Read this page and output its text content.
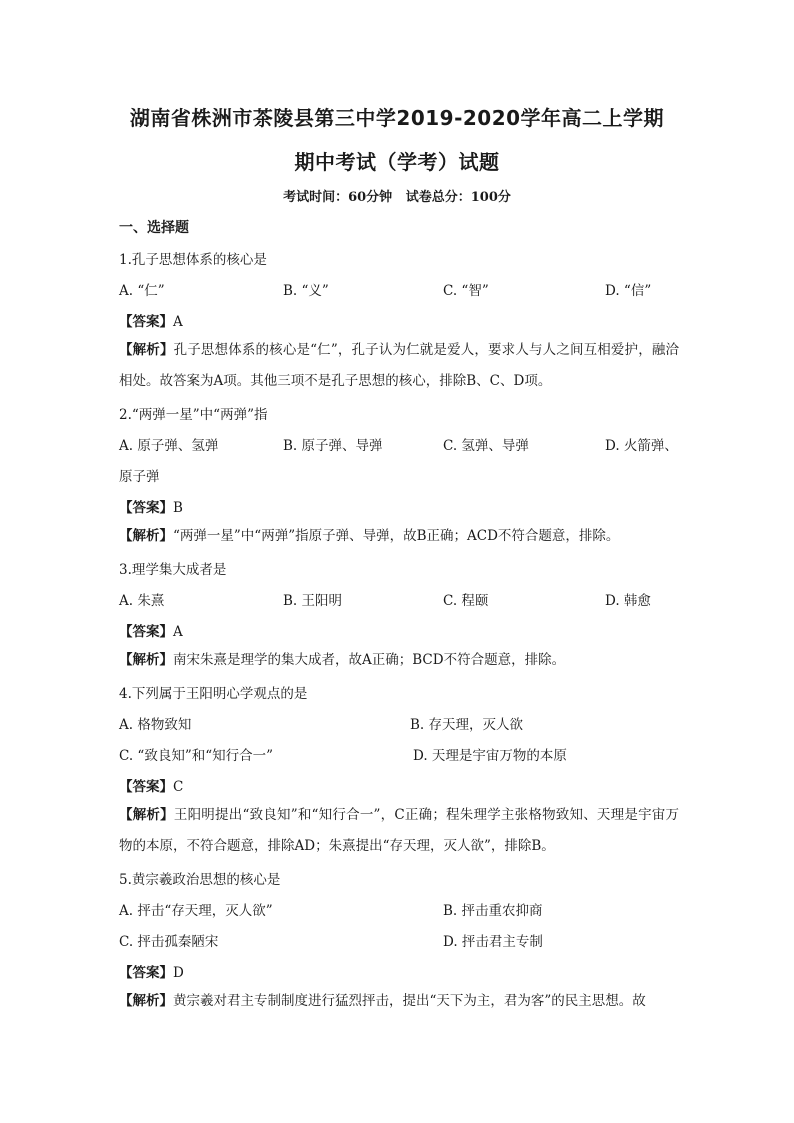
湖南省株洲市茶陵县第三中学2019-2020学年高二上学期
期中考试（学考）试题
考试时间：60分钟   试卷总分：100分
一、选择题
1.孔子思想体系的核心是
A. “仁”	B. “义”	C. “智”	D. “信”
【答案】A
【解析】孔子思想体系的核心是“仁”，孔子认为仁就是爱人，要求人与人之间互相爱护，融洽相处。故答案为A项。其他三项不是孔子思想的核心，排除B、C、D项。
2.“两弹一星”中“两弹”指
A. 原子弹、氢弹	B. 原子弹、导弹	C. 氢弹、导弹	D. 火箭弹、
原子弹
【答案】B
【解析】“两弹一星”中“两弹”指原子弹、导弹，故B正确；ACD不符合题意，排除。
3.理学集大成者是
A. 朱熹	B. 王阳明	C. 程颐	D. 韩愈
【答案】A
【解析】南宋朱熹是理学的集大成者，故A正确；BCD不符合题意，排除。
4.下列属于王阳明心学观点的是
A. 格物致知	B. 存天理，灭人欲
C. “致良知”和“知行合一”	D. 天理是宇宙万物的本原
【答案】C
【解析】王阳明提出“致良知”和“知行合一”，C正确；程朱理学主张格物致知、天理是宇宙万物的本原，不符合题意，排除AD；朱熹提出“存天理，灭人欲”，排除B。
5.黄宗羲政治思想的核心是
A. 抨击“存天理，灭人欲”	B. 抨击重农抑商
C. 抨击孤秦陋宋	D. 抨击君主专制
【答案】D
【解析】黄宗羲对君主专制制度进行猛烈抨击，提出“天下为主，君为客”的民主思想。故
